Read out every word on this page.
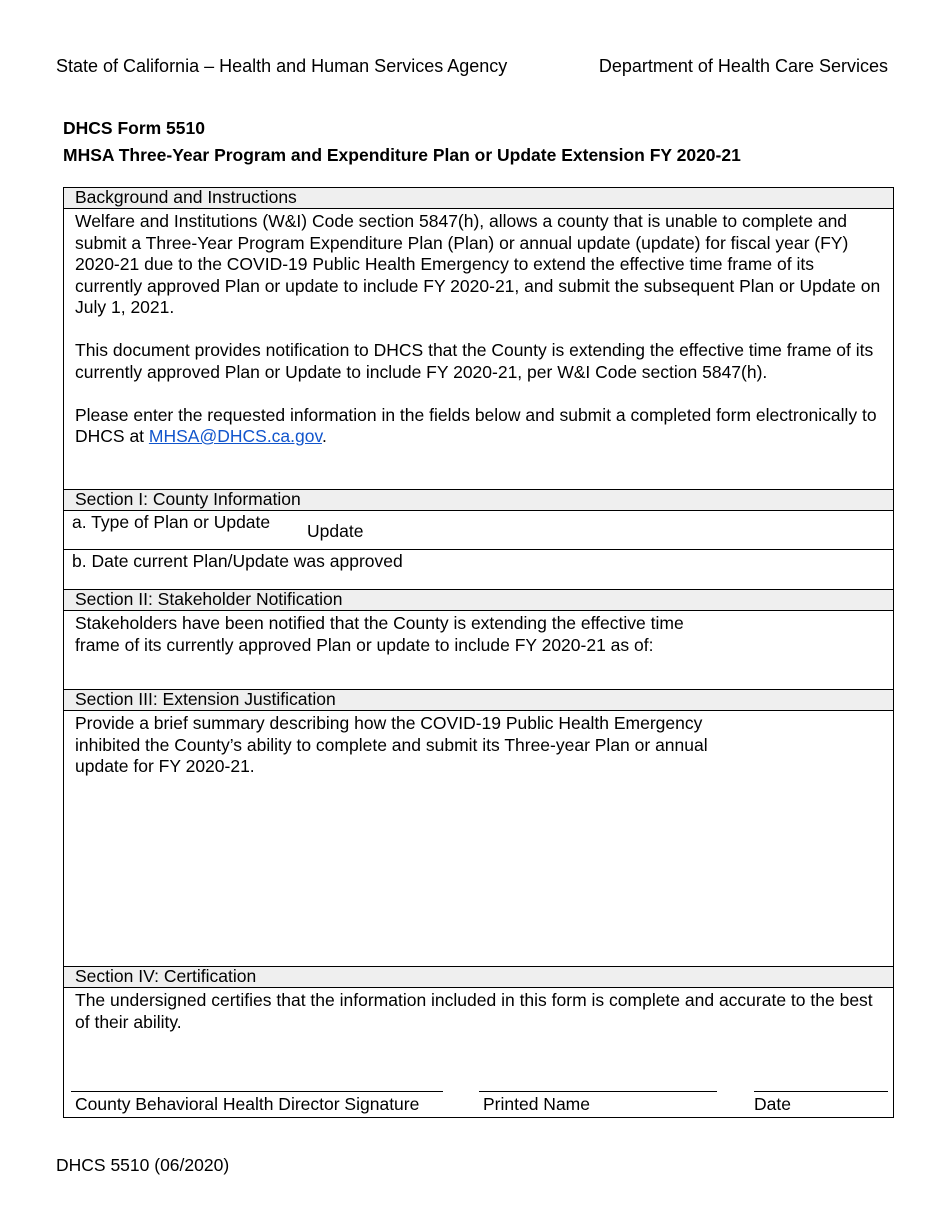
State of California – Health and Human Services Agency	Department of Health Care Services
DHCS Form 5510
MHSA Three-Year Program and Expenditure Plan or Update Extension FY 2020-21
Background and Instructions

Welfare and Institutions (W&I) Code section 5847(h), allows a county that is unable to complete and submit a Three-Year Program Expenditure Plan (Plan) or annual update (update) for fiscal year (FY) 2020-21 due to the COVID-19 Public Health Emergency to extend the effective time frame of its currently approved Plan or update to include FY 2020-21, and submit the subsequent Plan or Update on July 1, 2021.

This document provides notification to DHCS that the County is extending the effective time frame of its currently approved Plan or Update to include FY 2020-21, per W&I Code section 5847(h).

Please enter the requested information in the fields below and submit a completed form electronically to DHCS at MHSA@DHCS.ca.gov.

Section I: County Information
a. Type of Plan or Update Update
b. Date current Plan/Update was approved
Section II: Stakeholder Notification
Stakeholders have been notified that the County is extending the effective time frame of its currently approved Plan or update to include FY 2020-21 as of:
Section III: Extension Justification
Provide a brief summary describing how the COVID-19 Public Health Emergency inhibited the County’s ability to complete and submit its Three-year Plan or annual update for FY 2020-21.
Section IV: Certification
The undersigned certifies that the information included in this form is complete and accurate to the best of their ability.
County Behavioral Health Director Signature	Printed Name	Date
DHCS 5510 (06/2020)
